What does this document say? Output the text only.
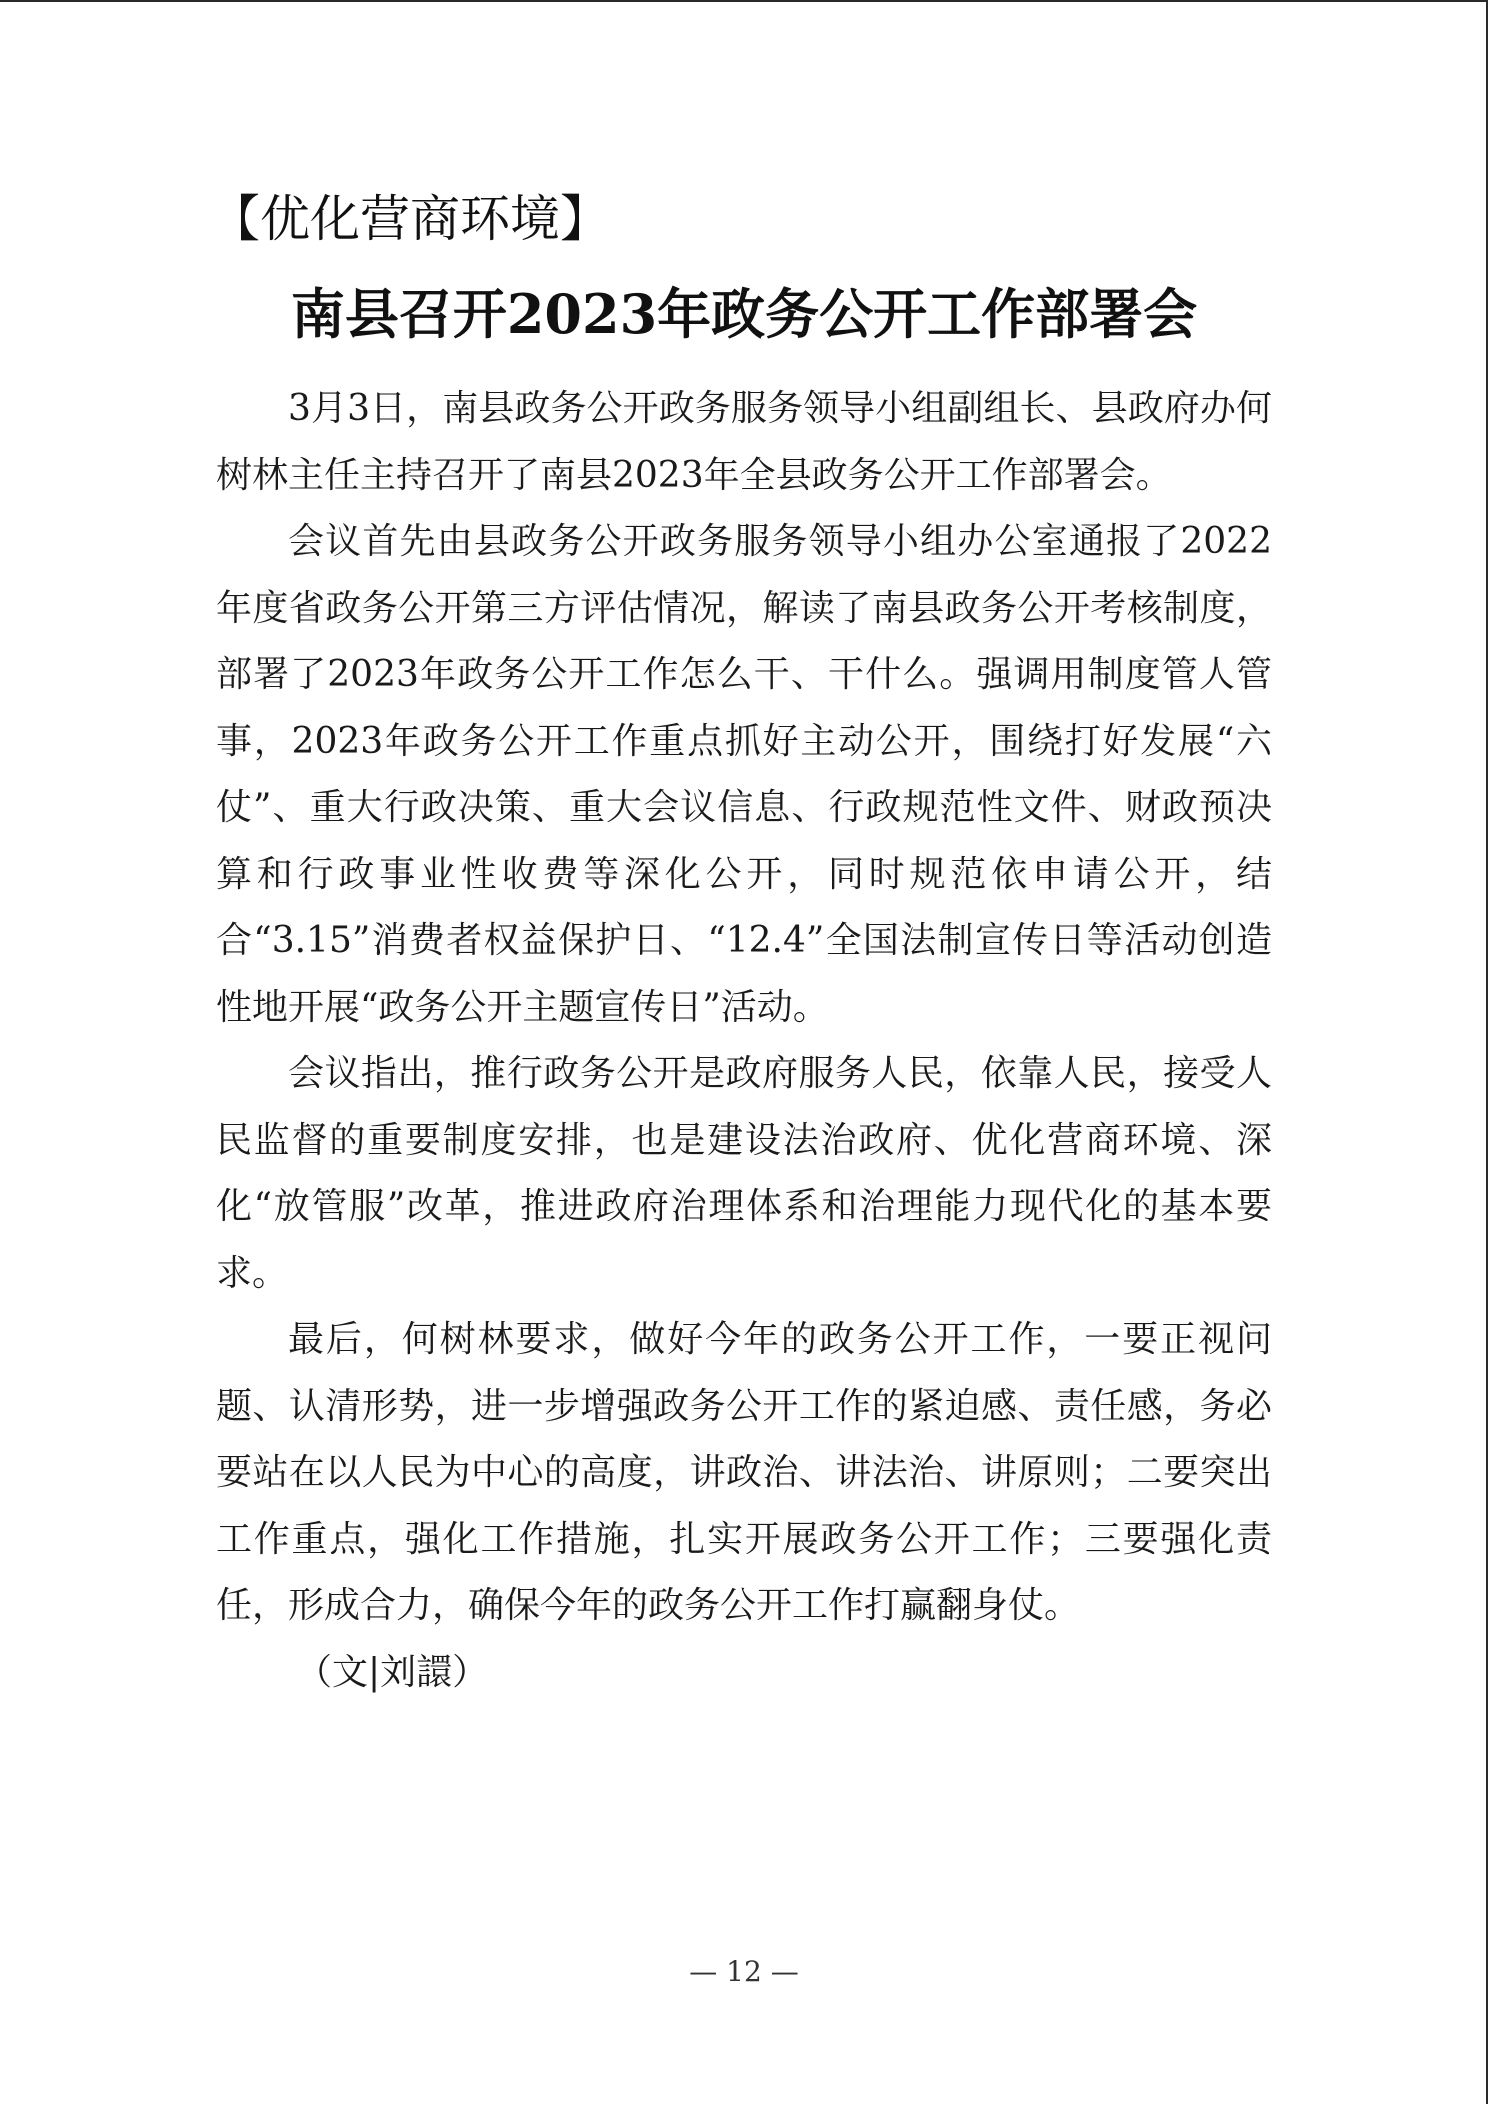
【优化营商环境】
南县召开2023年政务公开工作部署会

3月3日，南县政务公开政务服务领导小组副组长、县政府办何树林主任主持召开了南县2023年全县政务公开工作部署会。

会议首先由县政务公开政务服务领导小组办公室通报了2022年度省政务公开第三方评估情况，解读了南县政务公开考核制度，部署了2023年政务公开工作怎么干、干什么。强调用制度管人管事，2023年政务公开工作重点抓好主动公开，围绕打好发展“六仗”、重大行政决策、重大会议信息、行政规范性文件、财政预决算和行政事业性收费等深化公开，同时规范依申请公开，结合“3.15”消费者权益保护日、“12.4”全国法制宣传日等活动创造性地开展“政务公开主题宣传日”活动。

会议指出，推行政务公开是政府服务人民，依靠人民，接受人民监督的重要制度安排，也是建设法治政府、优化营商环境、深化“放管服”改革，推进政府治理体系和治理能力现代化的基本要求。

最后，何树林要求，做好今年的政务公开工作，一要正视问题、认清形势，进一步增强政务公开工作的紧迫感、责任感，务必要站在以人民为中心的高度，讲政治、讲法治、讲原则；二要突出工作重点，强化工作措施，扎实开展政务公开工作；三要强化责任，形成合力，确保今年的政务公开工作打赢翻身仗。

（文|刘譞）

— 12 —
